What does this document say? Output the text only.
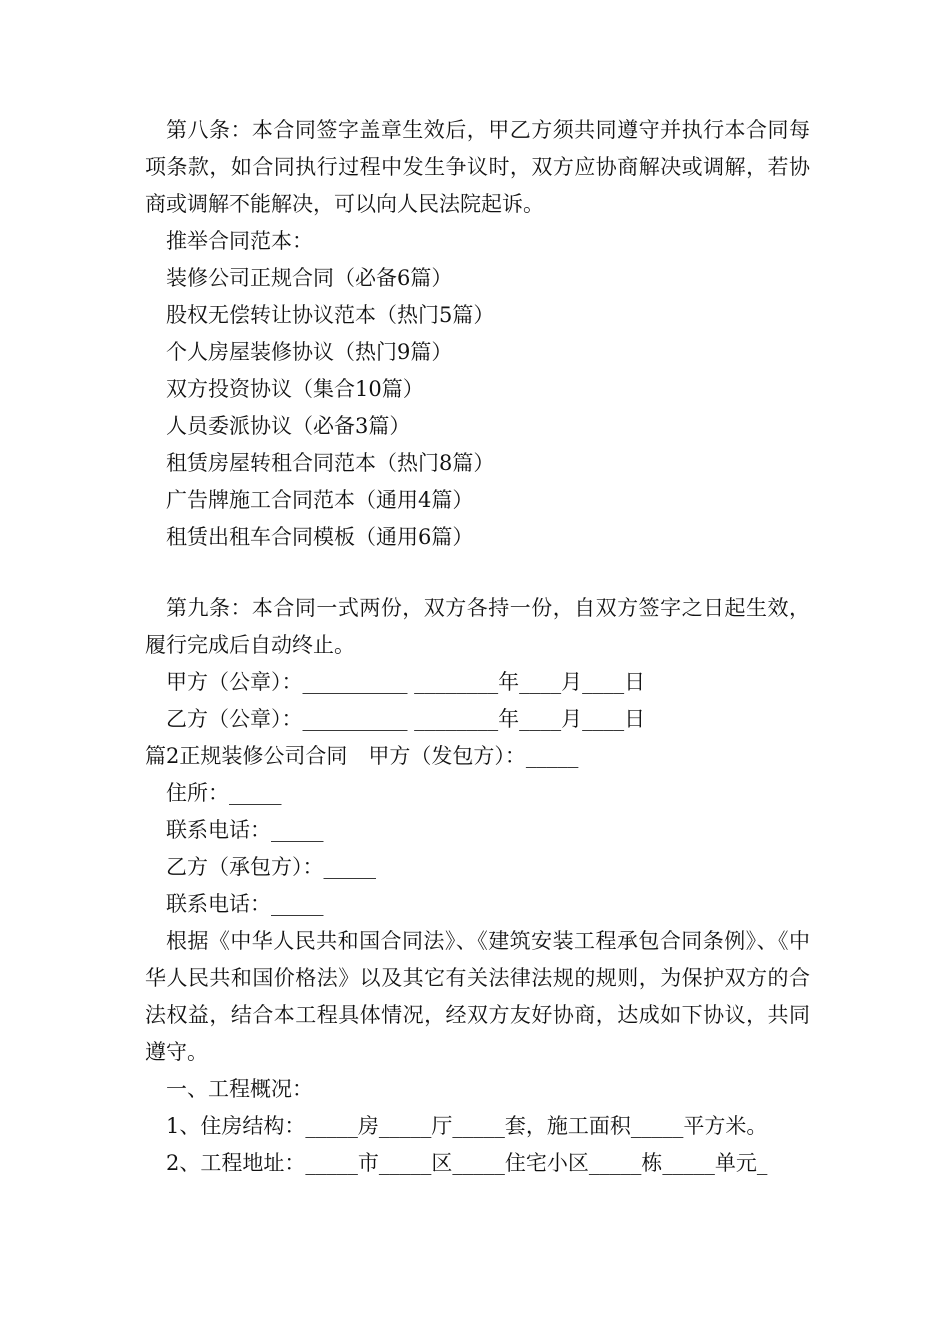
第八条：本合同签字盖章生效后，甲乙方须共同遵守并执行本合同每项条款，如合同执行过程中发生争议时，双方应协商解决或调解，若协商或调解不能解决，可以向人民法院起诉。
推举合同范本：
装修公司正规合同（必备6篇）
股权无偿转让协议范本（热门5篇）
个人房屋装修协议（热门9篇）
双方投资协议（集合10篇）
人员委派协议（必备3篇）
租赁房屋转租合同范本（热门8篇）
广告牌施工合同范本（通用4篇）
租赁出租车合同模板（通用6篇）
第九条：本合同一式两份，双方各持一份，自双方签字之日起生效，履行完成后自动终止。
甲方（公章）：__________ ________年____月____日
乙方（公章）：__________ ________年____月____日
篇2正规装修公司合同　甲方（发包方）：_____
住所：_____
联系电话：_____
乙方（承包方）：_____
联系电话：_____
根据《中华人民共和国合同法》、《建筑安装工程承包合同条例》、《中华人民共和国价格法》以及其它有关法律法规的规则，为保护双方的合法权益，结合本工程具体情况，经双方友好协商，达成如下协议，共同遵守。
一、工程概况：
1、住房结构：_____房_____厅_____套，施工面积_____平方米。
2、工程地址：_____市_____区_____住宅小区_____栋_____单元_
